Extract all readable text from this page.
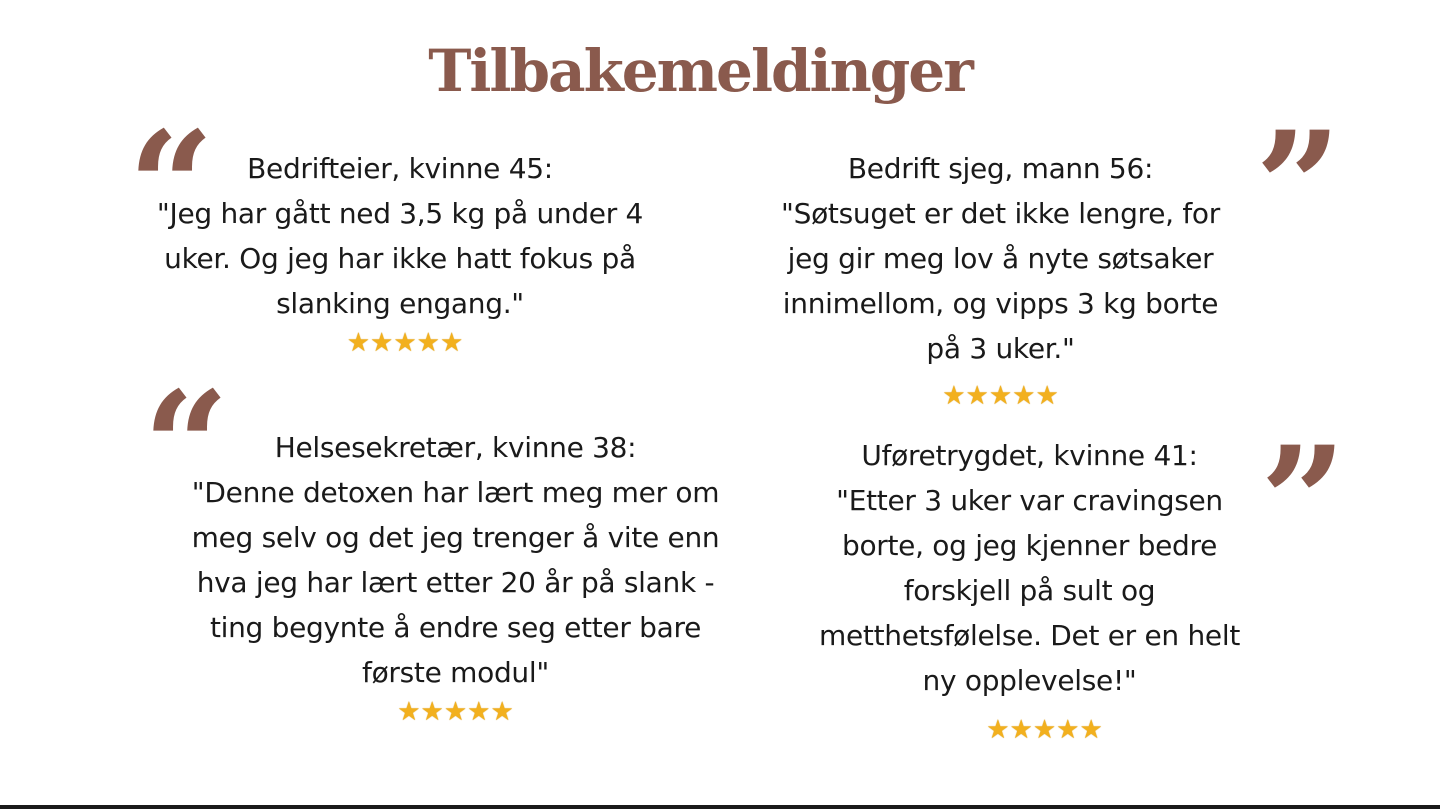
Tilbakemeldinger
“	”
“	”
Bedrifteier, kvinne 45:
"Jeg har gått ned 3,5 kg på under 4 uker. Og jeg har ikke hatt fokus på slanking engang."
★★★★★
Bedrift sjeg, mann 56:
"Søtsuget er det ikke lengre, for jeg gir meg lov å nyte søtsaker innimellom, og vipps 3 kg borte på 3 uker."
★★★★★
Helsesekretær, kvinne 38:
"Denne detoxen har lært meg mer om meg selv og det jeg trenger å vite enn hva jeg har lært etter 20 år på slank - ting begynte å endre seg etter bare første modul"
★★★★★
Uføretrygdet, kvinne 41:
"Etter 3 uker var cravingsen borte, og jeg kjenner bedre forskjell på sult og metthetsfølelse. Det er en helt ny opplevelse!"
★★★★★
